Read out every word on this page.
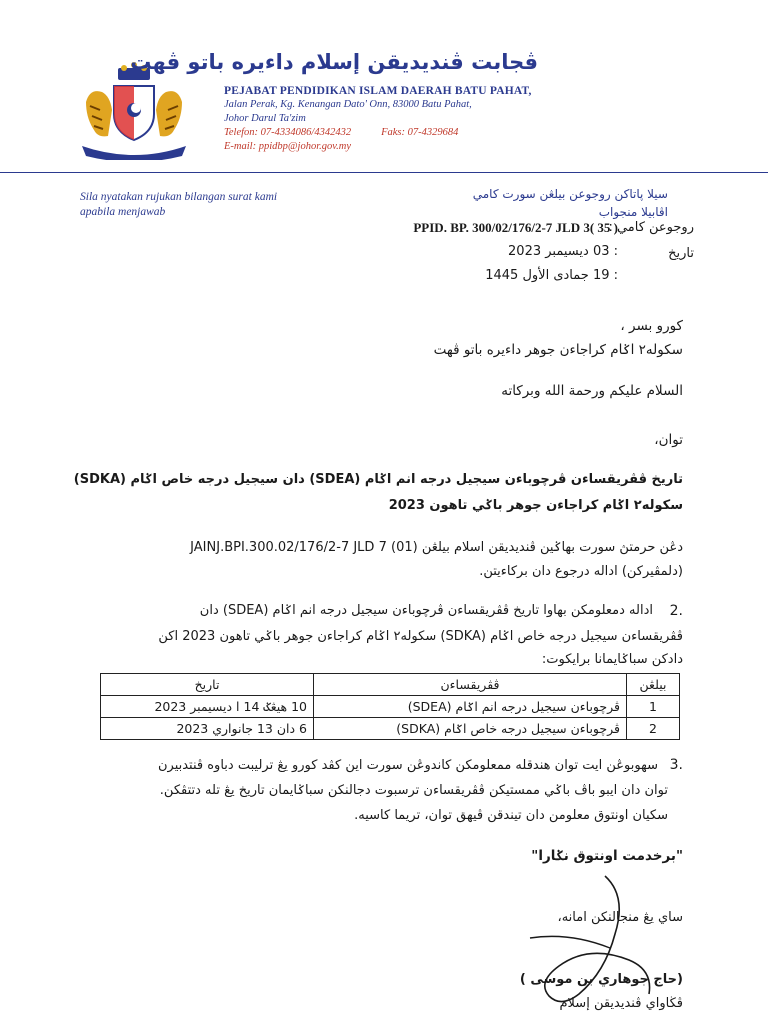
ڤجابت ڤنديديقن إسلام داءيره باتو ڤهت
PEJABAT PENDIDIKAN ISLAM DAERAH BATU PAHAT,
Jalan Perak, Kg. Kenangan Dato' Onn, 83000 Batu Pahat,
Johor Darul Ta'zim
Telefon: 07-4334086/4342432	Faks: 07-4329684
E-mail: ppidbp@johor.gov.my
Sila nyatakan rujukan bilangan surat kami
apabila menjawab
سيلا ڽاتاكن روجوعن بيلڠن سورت كامي
اڤابيلا منجواب
روجوعن كامي :
PPID. BP. 300/02/176/2-7 JLD 3( 35 )
تاريخ
: 03 ديسيمبر 2023
: 19 جمادى الأول 1445
كورو بسر ،
سکوله٢ اݢام كراجاءن جوهر داءيره باتو ڤهت
السلام عليكم ورحمة الله وبركاته
توان،
تاريخ ڤڤريقساءن ڤرچوباءن سيجيل درجه انم اݢام (SDEA) دان سيجيل درجه خاص اݢام (SDKA)
سکوله٢ اݢام كراجاءن جوهر باݢي تاهون 2023
دڠن حرمتڽ سورت بهاݢين ڤنديديقن اسلام بيلڠن (01) JAINJ.BPI.300.02/176/2-7 JLD 7
(دلمڤيركن) اداله درجوع دان بركاءيتن.
2.
اداله دمعلومكن بهاوا تاريخ ڤڤريقساءن ڤرچوباءن سيجيل درجه انم اݢام (SDEA) دان
ڤڤريقساءن سيجيل درجه خاص اݢام (SDKA) سکوله٢ اݢام كراجاءن جوهر باݢي تاهون 2023 اكن
دادكن سباݢايمانا برايكوت:
بيلڠن	ڤڤريقساءن	تاريخ
1	ڤرچوباءن سيجيل درجه انم اݢام (SDEA)	10 هيڠݢ 14 ا ديسيمبر 2023
2	ڤرچوباءن سيجيل درجه خاص اݢام (SDKA)	6 دان 13 جانواري 2023
3.
سهوبوڠن ايت توان هندقله ممعلومكن كاندوڠن سورت اين كڤد كورو يڠ ترليبت دباوه ڤنتدبيرن
توان دان ايبو باڤ باݢي ممستيكن ڤڤريقساءن ترسبوت دجالنكن سباݢايمان تاريخ يڠ تله دتتڤكن.
سكيان اونتوق معلومن دان تيندقن ڤيهق توان، تريما كاسيه.
"برخدمت اونتوق نݢارا"
ساي يڠ منجالنكن امانه،
(حاج جوهاري بن موسى )
ڤڬاواي ڤنديديقن إسلام
